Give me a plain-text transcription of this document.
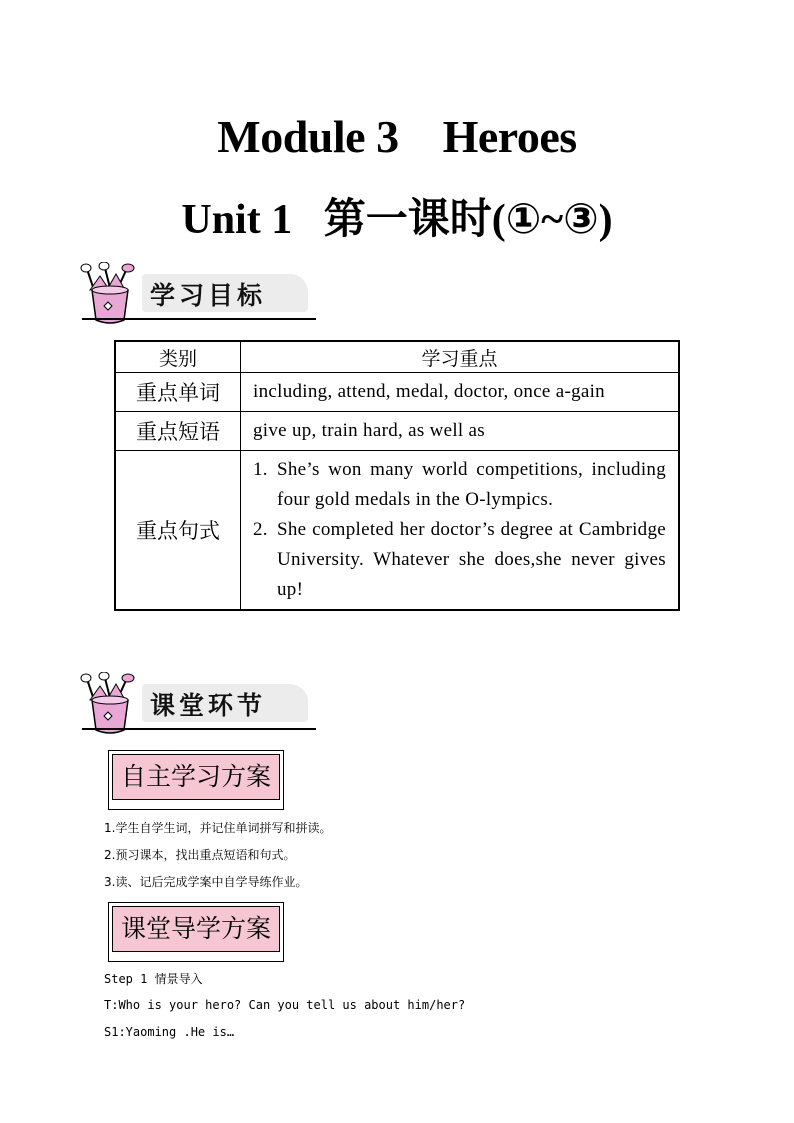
Module 3    Heroes
Unit 1   第一课时(①~③)
学习目标
类别	学习重点
重点单词	including, attend, medal, doctor, once a-gain
重点短语	give up, train hard, as well as
重点句式	1. She’s won many world competitions, including four gold medals in the O-lympics.
2. She completed her doctor’s degree at Cambridge University. Whatever she does,she never gives up!
课堂环节
自主学习方案
1.学生自学生词，并记住单词拼写和拼读。
2.预习课本，找出重点短语和句式。
3.读、记后完成学案中自学导练作业。
课堂导学方案
Step 1 情景导入
T:Who is your hero? Can you tell us about him/her?
S1:Yaoming .He is…
